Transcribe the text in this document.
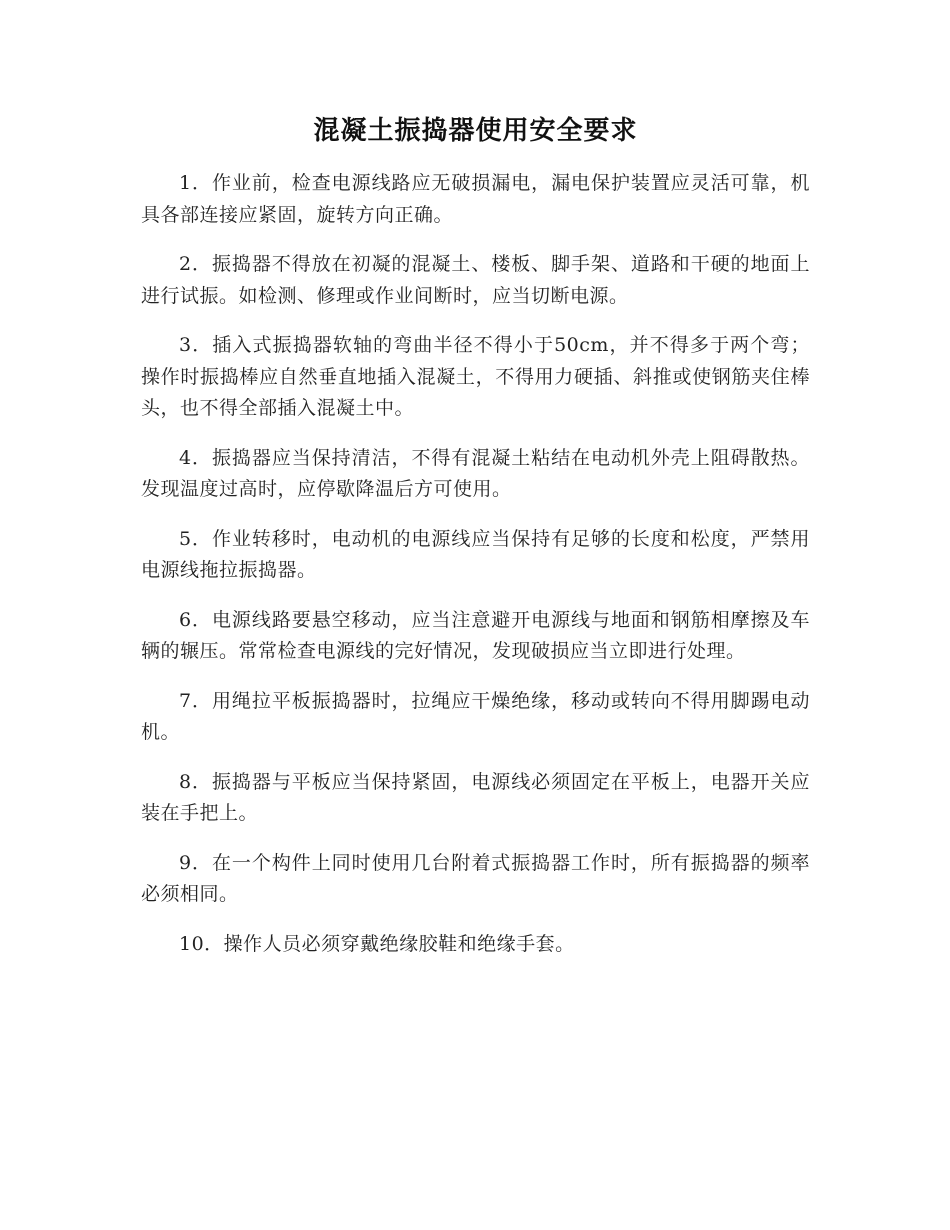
混凝土振捣器使用安全要求

1．作业前，检查电源线路应无破损漏电，漏电保护装置应灵活可靠，机具各部连接应紧固，旋转方向正确。

2．振捣器不得放在初凝的混凝土、楼板、脚手架、道路和干硬的地面上进行试振。如检测、修理或作业间断时，应当切断电源。

3．插入式振捣器软轴的弯曲半径不得小于50cm，并不得多于两个弯；操作时振捣棒应自然垂直地插入混凝土，不得用力硬插、斜推或使钢筋夹住棒头，也不得全部插入混凝土中。

4．振捣器应当保持清洁，不得有混凝土粘结在电动机外壳上阻碍散热。发现温度过高时，应停歇降温后方可使用。

5．作业转移时，电动机的电源线应当保持有足够的长度和松度，严禁用电源线拖拉振捣器。

6．电源线路要悬空移动，应当注意避开电源线与地面和钢筋相摩擦及车辆的辗压。常常检查电源线的完好情况，发现破损应当立即进行处理。

7．用绳拉平板振捣器时，拉绳应干燥绝缘，移动或转向不得用脚踢电动机。

8．振捣器与平板应当保持紧固，电源线必须固定在平板上，电器开关应装在手把上。

9．在一个构件上同时使用几台附着式振捣器工作时，所有振捣器的频率必须相同。

10．操作人员必须穿戴绝缘胶鞋和绝缘手套。
